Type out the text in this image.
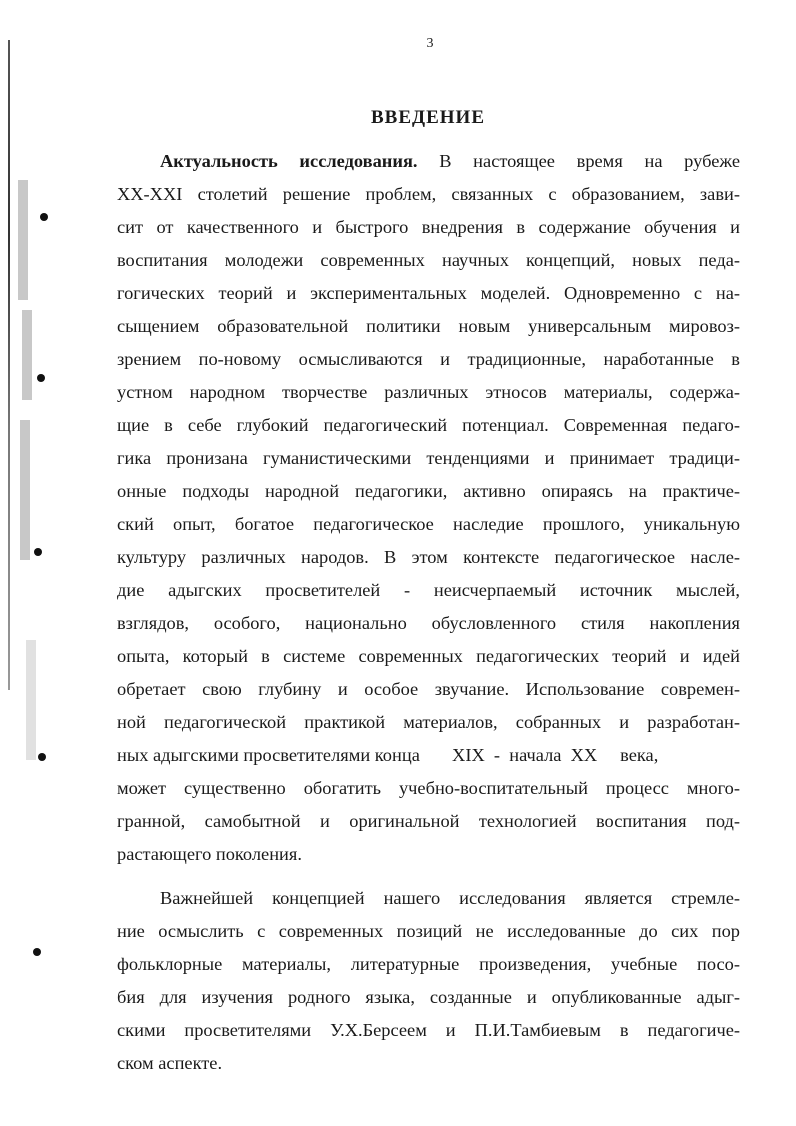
3
ВВЕДЕНИЕ
Актуальность исследования. В настоящее время на рубеже
XX-XXI столетий решение проблем, связанных с образованием, зави-
сит от качественного и быстрого внедрения в содержание обучения и
воспитания молодежи современных научных концепций, новых педа-
гогических теорий и экспериментальных моделей. Одновременно с на-
сыщением образовательной политики новым универсальным мировоз-
зрением по-новому осмысливаются и традиционные, наработанные в
устном народном творчестве различных этносов материалы, содержа-
щие в себе глубокий педагогический потенциал. Современная педаго-
гика пронизана гуманистическими тенденциями и принимает традици-
онные подходы народной педагогики, активно опираясь на практиче-
ский опыт, богатое педагогическое наследие прошлого, уникальную
культуру различных народов. В этом контексте педагогическое насле-
дие адыгских просветителей - неисчерпаемый источник мыслей,
взглядов, особого, национально обусловленного стиля накопления
опыта, который в системе современных педагогических теорий и идей
обретает свою глубину и особое звучание. Использование современ-
ной педагогической практикой материалов, собранных и разработан-
ных адыгскими просветителями конца       XIX  -  начала  XX     века,
может существенно обогатить учебно-воспитательный процесс много-
гранной, самобытной и оригинальной технологией воспитания под-
растающего поколения.
Важнейшей концепцией нашего исследования является стремле-
ние осмыслить с современных позиций не исследованные до сих пор
фольклорные материалы, литературные произведения, учебные посо-
бия для изучения родного языка, созданные и опубликованные адыг-
скими просветителями У.Х.Берсеем и П.И.Тамбиевым в педагогиче-
ском аспекте.
